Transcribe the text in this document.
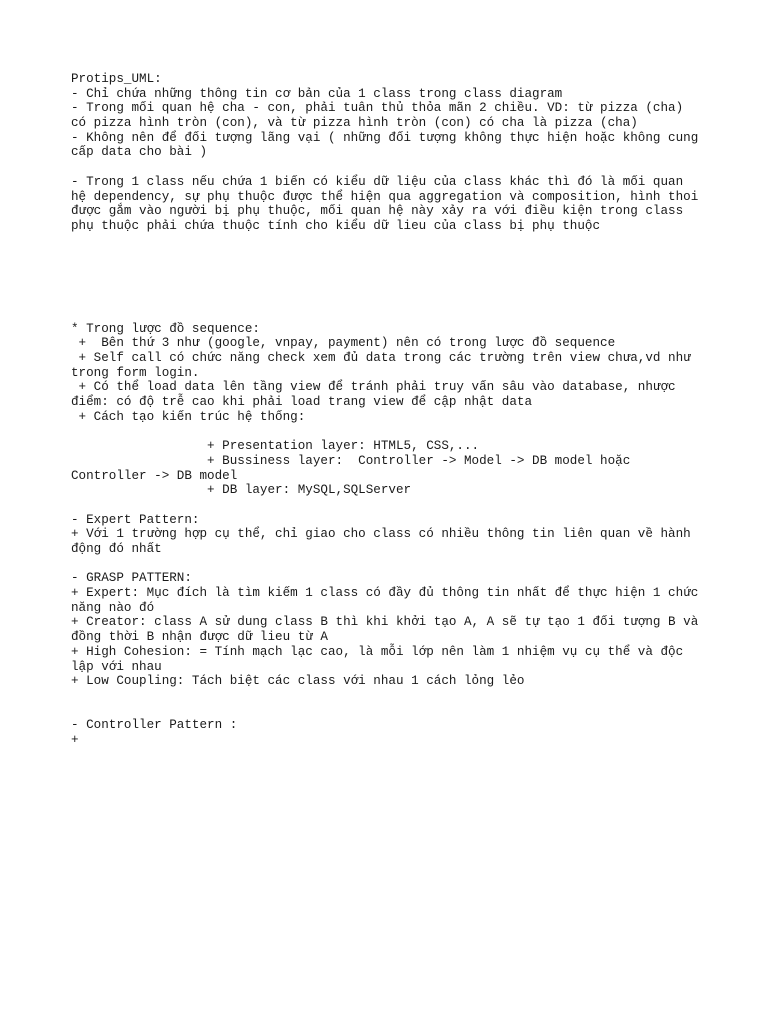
Protips_UML:
- Chỉ chứa những thông tin cơ bản của 1 class trong class diagram
- Trong mối quan hệ cha - con, phải tuân thủ thỏa mãn 2 chiều. VD: từ pizza (cha)
có pizza hình tròn (con), và từ pizza hình tròn (con) có cha là pizza (cha)
- Không nên để đối tượng lãng vại ( những đối tượng không thực hiện hoặc không cung
cấp data cho bài )
- Trong 1 class nếu chứa 1 biến có kiểu dữ liệu của class khác thì đó là mối quan
hệ dependency, sự phụ thuộc được thể hiện qua aggregation và composition, hình thoi
được gắm vào người bị phụ thuộc, mối quan hệ này xảy ra với điều kiện trong class
phụ thuộc phải chứa thuộc tính cho kiểu dữ lieu của class bị phụ thuộc
* Trong lược đồ sequence:
+  Bên thứ 3 như (google, vnpay, payment) nên có trong lược đồ sequence
+ Self call có chức năng check xem đủ data trong các trường trên view chưa,vd như
trong form login.
+ Có thể load data lên tầng view để tránh phải truy vấn sâu vào database, nhược
điểm: có độ trễ cao khi phải load trang view để cập nhật data
+ Cách tạo kiến trúc hệ thống:
+ Presentation layer: HTML5, CSS,...
+ Bussiness layer:  Controller -> Model -> DB model hoặc
Controller -> DB model
+ DB layer: MySQL,SQLServer
- Expert Pattern:
+ Với 1 trường hợp cụ thể, chỉ giao cho class có nhiều thông tin liên quan về hành
động đó nhất
- GRASP PATTERN:
+ Expert: Mục đích là tìm kiếm 1 class có đầy đủ thông tin nhất để thực hiện 1 chức
năng nào đó
+ Creator: class A sử dung class B thì khi khởi tạo A, A sẽ tự tạo 1 đối tượng B và
đồng thời B nhận được dữ lieu từ A
+ High Cohesion: = Tính mạch lạc cao, là mỗi lớp nên làm 1 nhiệm vụ cụ thể và độc
lập với nhau
+ Low Coupling: Tách biệt các class với nhau 1 cách lỏng lẻo
- Controller Pattern :
+
